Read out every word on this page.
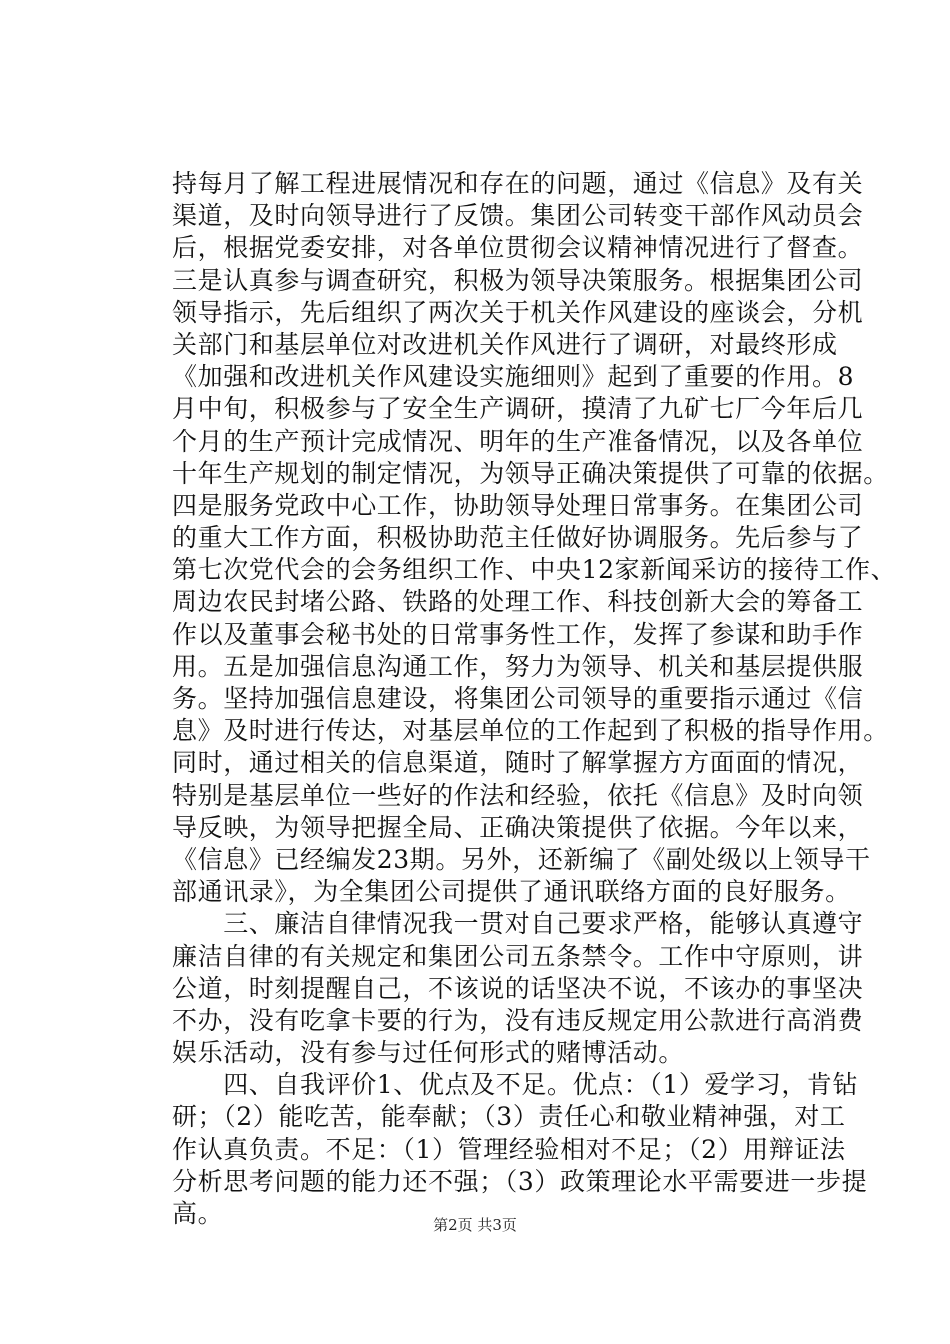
持每月了解工程进展情况和存在的问题，通过《信息》及有关
渠道，及时向领导进行了反馈。集团公司转变干部作风动员会
后，根据党委安排，对各单位贯彻会议精神情况进行了督查。
三是认真参与调查研究，积极为领导决策服务。根据集团公司
领导指示，先后组织了两次关于机关作风建设的座谈会，分机
关部门和基层单位对改进机关作风进行了调研，对最终形成
《加强和改进机关作风建设实施细则》起到了重要的作用。8
月中旬，积极参与了安全生产调研，摸清了九矿七厂今年后几
个月的生产预计完成情况、明年的生产准备情况，以及各单位
十年生产规划的制定情况，为领导正确决策提供了可靠的依据。
四是服务党政中心工作，协助领导处理日常事务。在集团公司
的重大工作方面，积极协助范主任做好协调服务。先后参与了
第七次党代会的会务组织工作、中央12家新闻采访的接待工作、
周边农民封堵公路、铁路的处理工作、科技创新大会的筹备工
作以及董事会秘书处的日常事务性工作，发挥了参谋和助手作
用。五是加强信息沟通工作，努力为领导、机关和基层提供服
务。坚持加强信息建设，将集团公司领导的重要指示通过《信
息》及时进行传达，对基层单位的工作起到了积极的指导作用。
同时，通过相关的信息渠道，随时了解掌握方方面面的情况，
特别是基层单位一些好的作法和经验，依托《信息》及时向领
导反映，为领导把握全局、正确决策提供了依据。今年以来，
《信息》已经编发23期。另外，还新编了《副处级以上领导干
部通讯录》，为全集团公司提供了通讯联络方面的良好服务。
　　三、廉洁自律情况我一贯对自己要求严格，能够认真遵守
廉洁自律的有关规定和集团公司五条禁令。工作中守原则，讲
公道，时刻提醒自己，不该说的话坚决不说，不该办的事坚决
不办，没有吃拿卡要的行为，没有违反规定用公款进行高消费
娱乐活动，没有参与过任何形式的赌博活动。
　　四、自我评价1、优点及不足。优点：（1）爱学习，肯钻
研；（2）能吃苦，能奉献；（3）责任心和敬业精神强，对工
作认真负责。不足：（1）管理经验相对不足；（2）用辩证法
分析思考问题的能力还不强；（3）政策理论水平需要进一步提
高。	第2页 共3页
